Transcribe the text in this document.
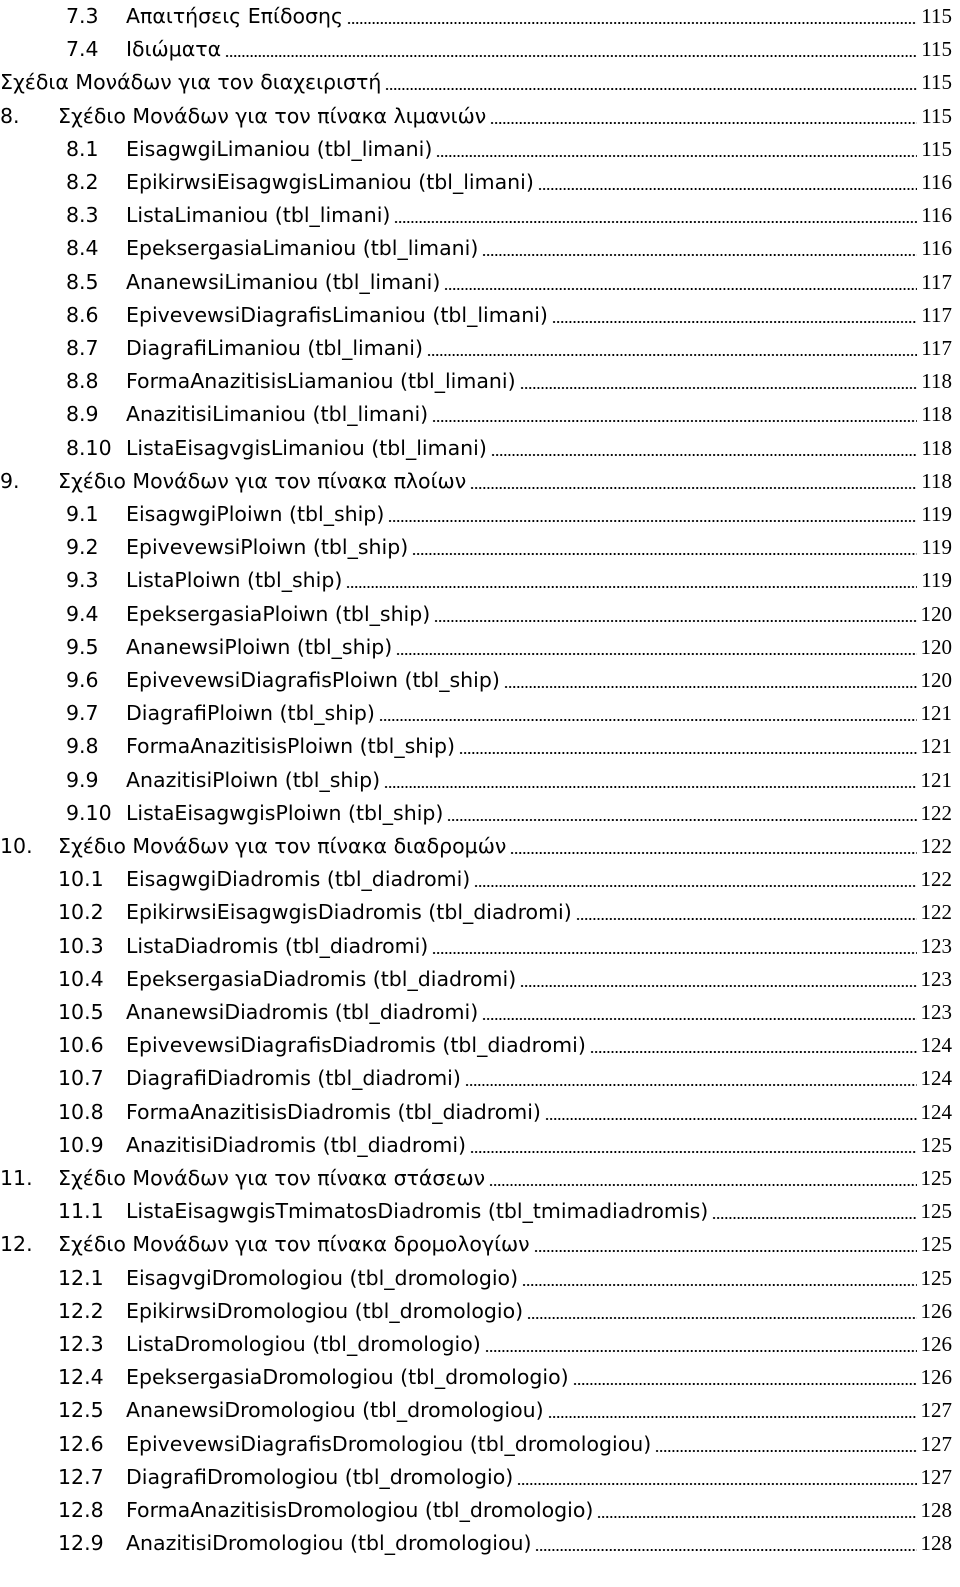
7.3 Απαιτήσεις Επίδοσης	115
7.4 Ιδιώματα	115
Σχέδια Μονάδων για τον διαχειριστή	115
8. Σχέδιο Μονάδων για τον πίνακα λιμανιών	115
8.1 EisagwgiLimaniou (tbl_limani)	115
8.2 EpikirwsiEisagwgisLimaniou (tbl_limani)	116
8.3 ListaLimaniou (tbl_limani)	116
8.4 EpeksergasiaLimaniou (tbl_limani)	116
8.5 AnanewsiLimaniou (tbl_limani)	117
8.6 EpivevewsiDiagrafisLimaniou (tbl_limani)	117
8.7 DiagrafiLimaniou (tbl_limani)	117
8.8 FormaAnazitisisLiamaniou (tbl_limani)	118
8.9 AnazitisiLimaniou (tbl_limani)	118
8.10 ListaEisagvgisLimaniou (tbl_limani)	118
9. Σχέδιο Μονάδων για τον πίνακα πλοίων	118
9.1 EisagwgiPloiwn (tbl_ship)	119
9.2 EpivevewsiPloiwn (tbl_ship)	119
9.3 ListaPloiwn (tbl_ship)	119
9.4 EpeksergasiaPloiwn (tbl_ship)	120
9.5 AnanewsiPloiwn (tbl_ship)	120
9.6 EpivevewsiDiagrafisPloiwn (tbl_ship)	120
9.7 DiagrafiPloiwn (tbl_ship)	121
9.8 FormaAnazitisisPloiwn (tbl_ship)	121
9.9 AnazitisiPloiwn (tbl_ship)	121
9.10 ListaEisagwgisPloiwn (tbl_ship)	122
10. Σχέδιο Μονάδων για τον πίνακα διαδρομών	122
10.1 EisagwgiDiadromis (tbl_diadromi)	122
10.2 EpikirwsiEisagwgisDiadromis (tbl_diadromi)	122
10.3 ListaDiadromis (tbl_diadromi)	123
10.4 EpeksergasiaDiadromis (tbl_diadromi)	123
10.5 AnanewsiDiadromis (tbl_diadromi)	123
10.6 EpivevewsiDiagrafisDiadromis (tbl_diadromi)	124
10.7 DiagrafiDiadromis (tbl_diadromi)	124
10.8 FormaAnazitisisDiadromis (tbl_diadromi)	124
10.9 AnazitisiDiadromis (tbl_diadromi)	125
11. Σχέδιο Μονάδων για τον πίνακα στάσεων	125
11.1 ListaEisagwgisTmimatosDiadromis (tbl_tmimadiadromis)	125
12. Σχέδιο Μονάδων για τον πίνακα δρομολογίων	125
12.1 EisagvgiDromologiou (tbl_dromologio)	125
12.2 EpikirwsiDromologiou (tbl_dromologio)	126
12.3 ListaDromologiou (tbl_dromologio)	126
12.4 EpeksergasiaDromologiou (tbl_dromologio)	126
12.5 AnanewsiDromologiou (tbl_dromologiou)	127
12.6 EpivevewsiDiagrafisDromologiou (tbl_dromologiou)	127
12.7 DiagrafiDromologiou (tbl_dromologio)	127
12.8 FormaAnazitisisDromologiou (tbl_dromologio)	128
12.9 AnazitisiDromologiou (tbl_dromologiou)	128
